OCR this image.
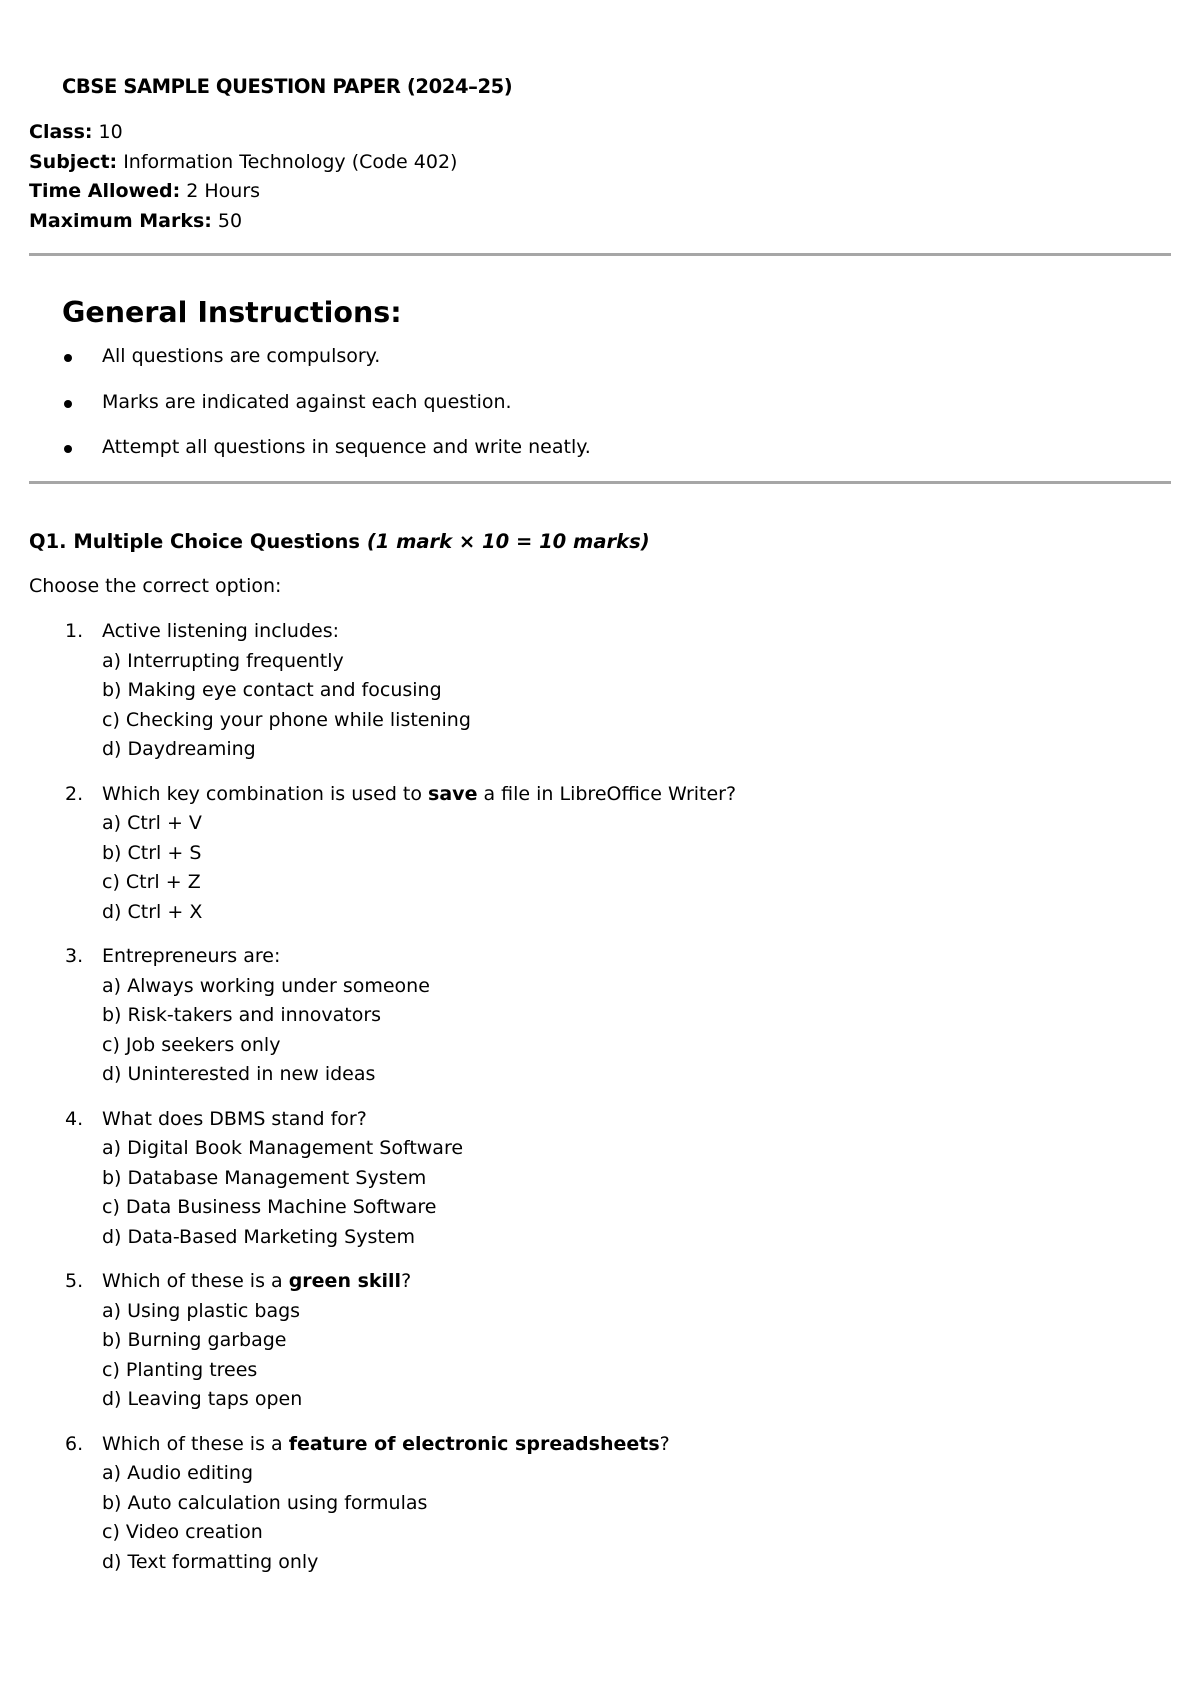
CBSE SAMPLE QUESTION PAPER (2024–25)
Class: 10
Subject: Information Technology (Code 402)
Time Allowed: 2 Hours
Maximum Marks: 50
General Instructions:
All questions are compulsory.
Marks are indicated against each question.
Attempt all questions in sequence and write neatly.
Q1. Multiple Choice Questions (1 mark × 10 = 10 marks)

Choose the correct option:

1. Active listening includes:
a) Interrupting frequently
b) Making eye contact and focusing
c) Checking your phone while listening
d) Daydreaming
2. Which key combination is used to save a file in LibreOffice Writer?
a) Ctrl + V
b) Ctrl + S
c) Ctrl + Z
d) Ctrl + X
3. Entrepreneurs are:
a) Always working under someone
b) Risk-takers and innovators
c) Job seekers only
d) Uninterested in new ideas
4. What does DBMS stand for?
a) Digital Book Management Software
b) Database Management System
c) Data Business Machine Software
d) Data-Based Marketing System
5. Which of these is a green skill?
a) Using plastic bags
b) Burning garbage
c) Planting trees
d) Leaving taps open
6. Which of these is a feature of electronic spreadsheets?
a) Audio editing
b) Auto calculation using formulas
c) Video creation
d) Text formatting only
